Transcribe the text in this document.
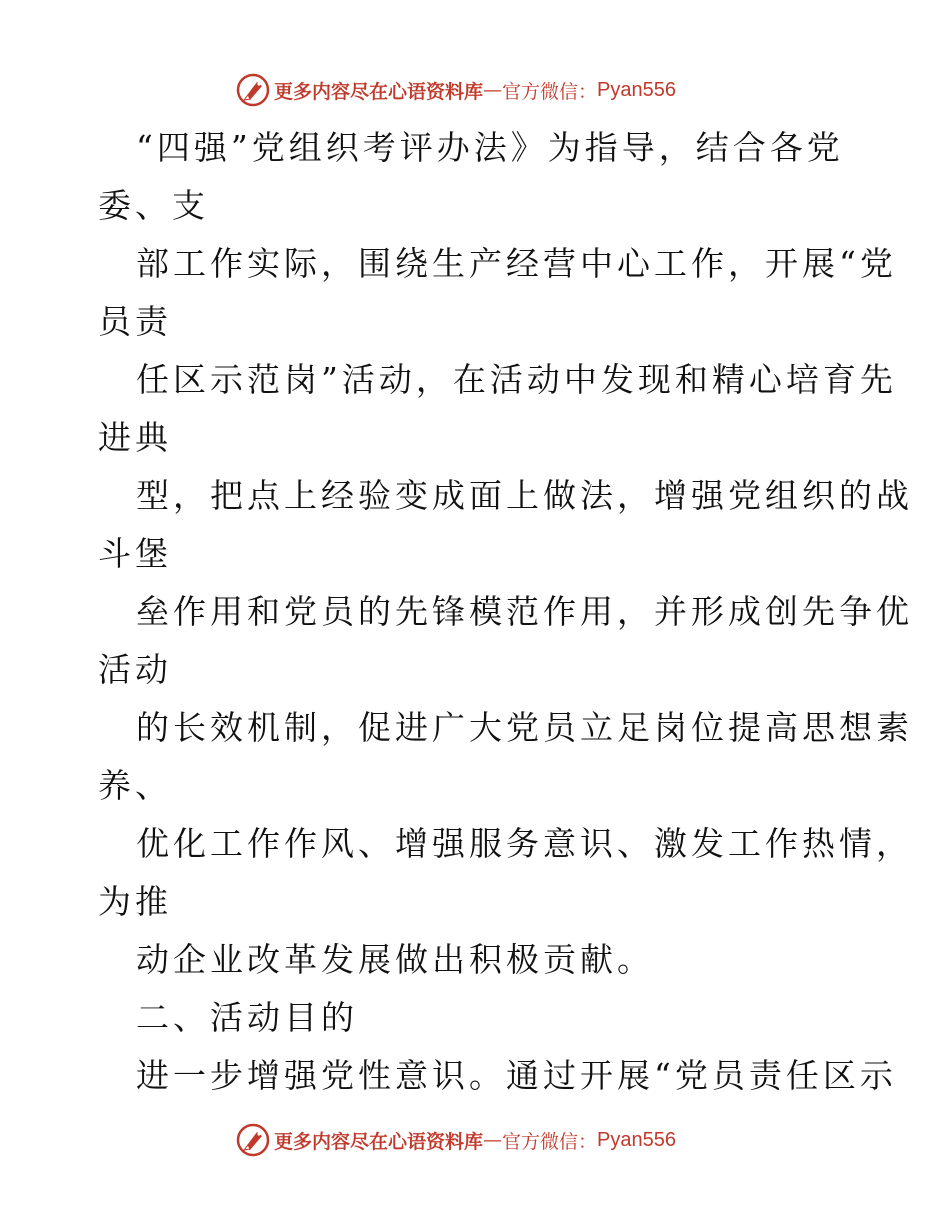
更多内容尽在心语资料库 — 官方微信： Pyan556
“四强”党组织考评办法》为指导，结合各党
委、支
部工作实际，围绕生产经营中心工作，开展“党
员责
任区示范岗”活动，在活动中发现和精心培育先
进典
型，把点上经验变成面上做法，增强党组织的战
斗堡
垒作用和党员的先锋模范作用，并形成创先争优
活动
的长效机制，促进广大党员立足岗位提高思想素
养、
优化工作作风、增强服务意识、激发工作热情，
为推
动企业改革发展做出积极贡献。
二、活动目的
进一步增强党性意识。通过开展“党员责任区示
更多内容尽在心语资料库 — 官方微信： Pyan556
